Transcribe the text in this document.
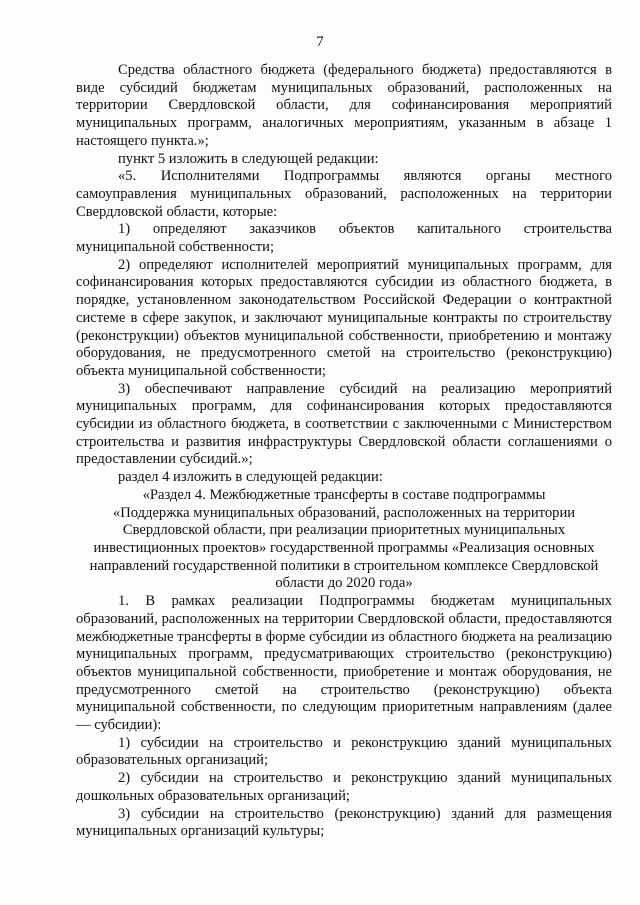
7

Средства областного бюджета (федерального бюджета) предоставляются в виде субсидий бюджетам муниципальных образований, расположенных на территории Свердловской области, для софинансирования мероприятий муниципальных программ, аналогичных мероприятиям, указанным в абзаце 1 настоящего пункта.»;

пункт 5 изложить в следующей редакции:

«5. Исполнителями Подпрограммы являются органы местного самоуправления муниципальных образований, расположенных на территории Свердловской области, которые:

1) определяют заказчиков объектов капитального строительства муниципальной собственности;

2) определяют исполнителей мероприятий муниципальных программ, для софинансирования которых предоставляются субсидии из областного бюджета, в порядке, установленном законодательством Российской Федерации о контрактной системе в сфере закупок, и заключают муниципальные контракты по строительству (реконструкции) объектов муниципальной собственности, приобретению и монтажу оборудования, не предусмотренного сметой на строительство (реконструкцию) объекта муниципальной собственности;

3) обеспечивают направление субсидий на реализацию мероприятий муниципальных программ, для софинансирования которых предоставляются субсидии из областного бюджета, в соответствии с заключенными с Министерством строительства и развития инфраструктуры Свердловской области соглашениями о предоставлении субсидий.»;

раздел 4 изложить в следующей редакции:

«Раздел 4. Межбюджетные трансферты в составе подпрограммы
«Поддержка муниципальных образований, расположенных на территории
Свердловской области, при реализации приоритетных муниципальных
инвестиционных проектов» государственной программы «Реализация основных
направлений государственной политики в строительном комплексе Свердловской
области до 2020 года»

1. В рамках реализации Подпрограммы бюджетам муниципальных образований, расположенных на территории Свердловской области, предоставляются межбюджетные трансферты в форме субсидии из областного бюджета на реализацию муниципальных программ, предусматривающих строительство (реконструкцию) объектов муниципальной собственности, приобретение и монтаж оборудования, не предусмотренного сметой на строительство (реконструкцию) объекта муниципальной собственности, по следующим приоритетным направлениям (далее — субсидии):

1) субсидии на строительство и реконструкцию зданий муниципальных образовательных организаций;

2) субсидии на строительство и реконструкцию зданий муниципальных дошкольных образовательных организаций;

3) субсидии на строительство (реконструкцию) зданий для размещения муниципальных организаций культуры;
